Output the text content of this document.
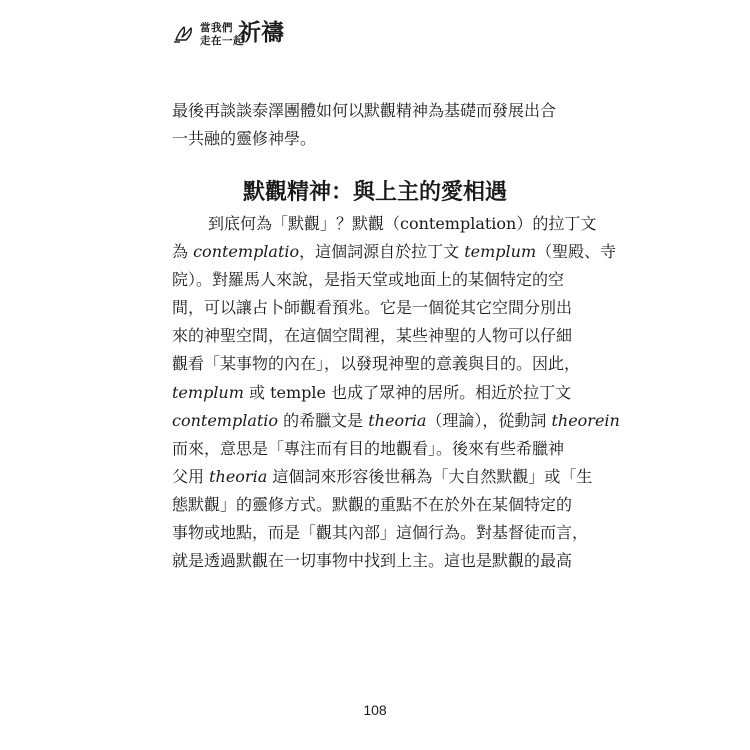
當我們
走在一起
祈禱

最後再談談泰澤團體如何以默觀精神為基礎而發展出合
一共融的靈修神學。

默觀精神：與上主的愛相遇
到底何為「默觀」？默觀（contemplation）的拉丁文
為 contemplatio，這個詞源自於拉丁文 templum（聖殿、寺
院）。對羅馬人來說，是指天堂或地面上的某個特定的空
間，可以讓占卜師觀看預兆。它是一個從其它空間分別出
來的神聖空間，在這個空間裡，某些神聖的人物可以仔細
觀看「某事物的內在」，以發現神聖的意義與目的。因此，
templum 或 temple 也成了眾神的居所。相近於拉丁文
contemplatio 的希臘文是 theoria（理論），從動詞 theorein
而來，意思是「專注而有目的地觀看」。後來有些希臘神
父用 theoria 這個詞來形容後世稱為「大自然默觀」或「生
態默觀」的靈修方式。默觀的重點不在於外在某個特定的
事物或地點，而是「觀其內部」這個行為。對基督徒而言，
就是透過默觀在一切事物中找到上主。這也是默觀的最高
108
